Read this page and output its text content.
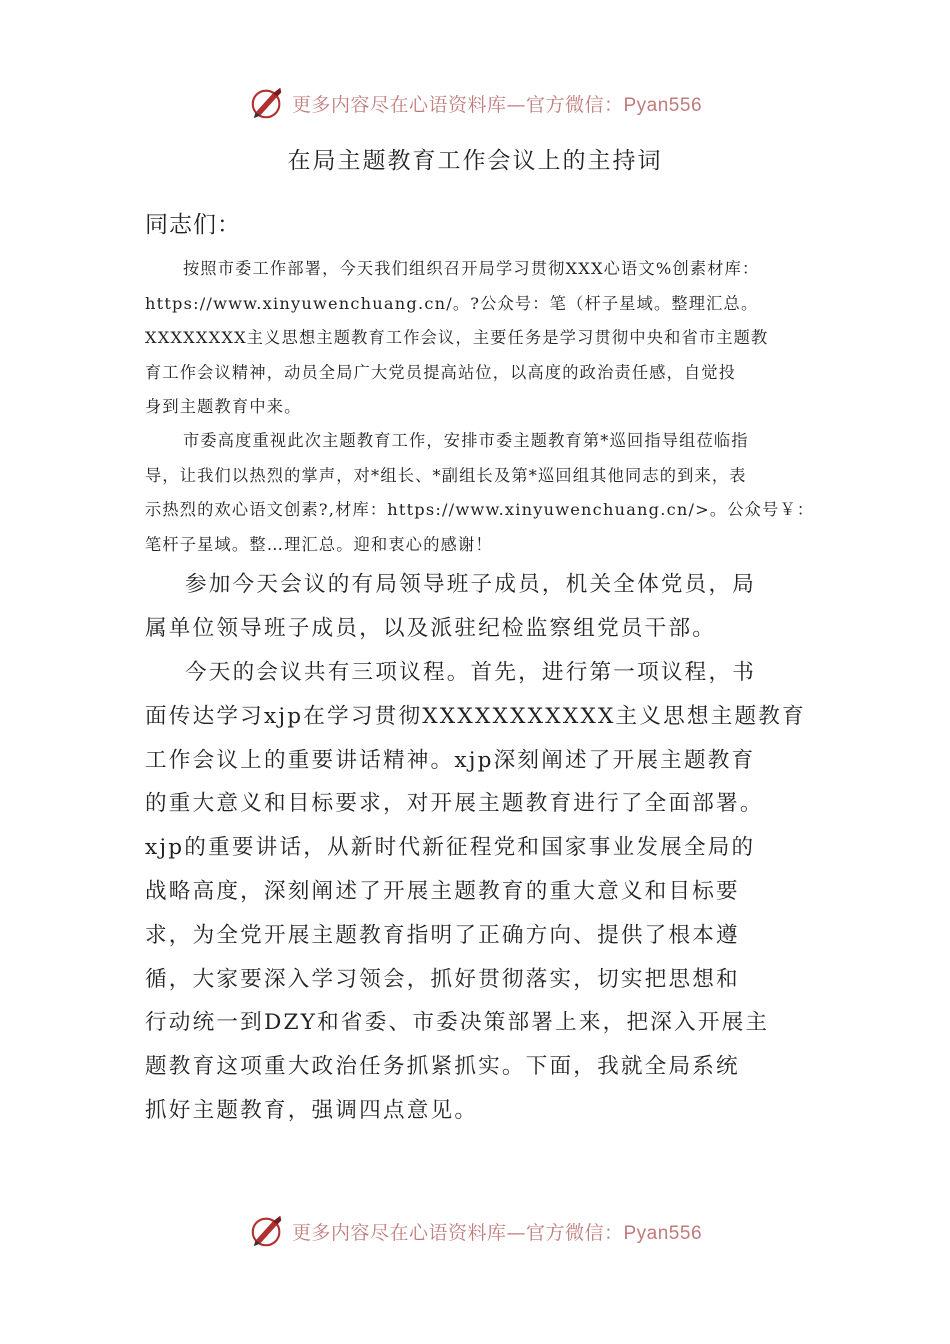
更多内容尽在心语资料库—官方微信：Pyan556
在局主题教育工作会议上的主持词
同志们：

按照市委工作部署，今天我们组织召开局学习贯彻XXX心语文%创素材库：
https://www.xinyuwenchuang.cn/。?公众号：笔（杆子星域。整理汇总。
XXXXXXXX主义思想主题教育工作会议，主要任务是学习贯彻中央和省市主题教
育工作会议精神，动员全局广大党员提高站位，以高度的政治责任感，自觉投
身到主题教育中来。

市委高度重视此次主题教育工作，安排市委主题教育第*巡回指导组莅临指
导，让我们以热烈的掌声，对*组长、*副组长及第*巡回组其他同志的到来，表
示热烈的欢心语文创素?,材库：https://www.xinyuwenchuang.cn/>。公众号￥：
笔杆子星域。整…理汇总。迎和衷心的感谢！

参加今天会议的有局领导班子成员，机关全体党员，局
属单位领导班子成员，以及派驻纪检监察组党员干部。

今天的会议共有三项议程。首先，进行第一项议程，书
面传达学习xjp在学习贯彻XXXXXXXXXXX主义思想主题教育
工作会议上的重要讲话精神。xjp深刻阐述了开展主题教育
的重大意义和目标要求，对开展主题教育进行了全面部署。
xjp的重要讲话，从新时代新征程党和国家事业发展全局的
战略高度，深刻阐述了开展主题教育的重大意义和目标要
求，为全党开展主题教育指明了正确方向、提供了根本遵
循，大家要深入学习领会，抓好贯彻落实，切实把思想和
行动统一到DZY和省委、市委决策部署上来，把深入开展主
题教育这项重大政治任务抓紧抓实。下面，我就全局系统
抓好主题教育，强调四点意见。

更多内容尽在心语资料库—官方微信：Pyan556
